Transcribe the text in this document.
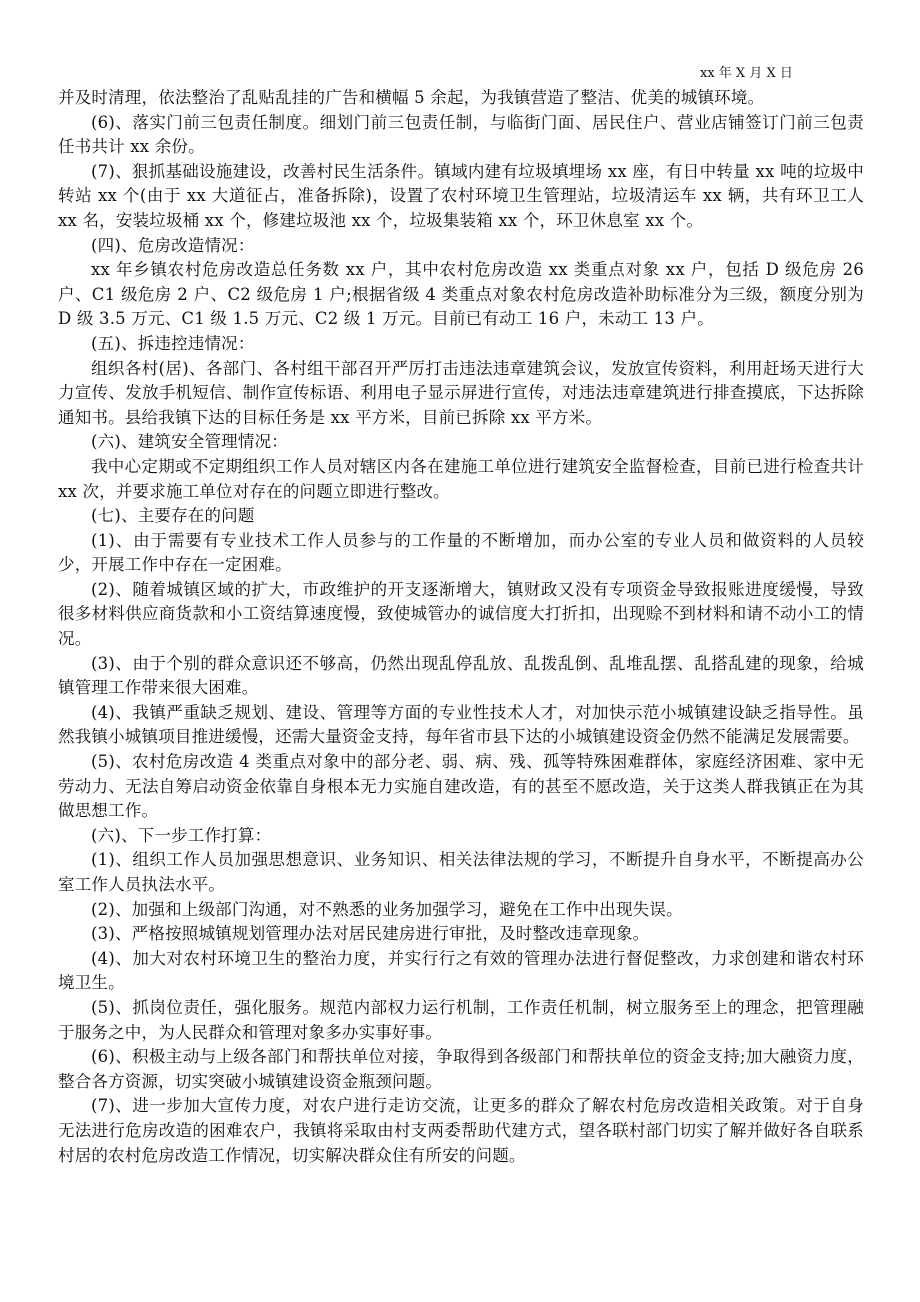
xx 年 X 月 X 日

并及时清理，依法整治了乱贴乱挂的广告和横幅 5 余起，为我镇营造了整洁、优美的城镇环境。

(6)、落实门前三包责任制度。细划门前三包责任制，与临街门面、居民住户、营业店铺签订门前三包责任书共计 xx 余份。

(7)、狠抓基础设施建设，改善村民生活条件。镇域内建有垃圾填埋场 xx 座，有日中转量 xx 吨的垃圾中转站 xx 个(由于 xx 大道征占，准备拆除)，设置了农村环境卫生管理站，垃圾清运车 xx 辆，共有环卫工人 xx 名，安装垃圾桶 xx 个，修建垃圾池 xx 个，垃圾集装箱 xx 个，环卫休息室 xx 个。

(四)、危房改造情况：

xx 年乡镇农村危房改造总任务数 xx 户，其中农村危房改造 xx 类重点对象 xx 户，包括 D 级危房 26 户、C1 级危房 2 户、C2 级危房 1 户;根据省级 4 类重点对象农村危房改造补助标准分为三级，额度分别为 D 级 3.5 万元、C1 级 1.5 万元、C2 级 1 万元。目前已有动工 16 户，未动工 13 户。

(五)、拆违控违情况：

组织各村(居)、各部门、各村组干部召开严厉打击违法违章建筑会议，发放宣传资料，利用赶场天进行大力宣传、发放手机短信、制作宣传标语、利用电子显示屏进行宣传，对违法违章建筑进行排查摸底，下达拆除通知书。县给我镇下达的目标任务是 xx 平方米，目前已拆除 xx 平方米。

(六)、建筑安全管理情况：

我中心定期或不定期组织工作人员对辖区内各在建施工单位进行建筑安全监督检查，目前已进行检查共计 xx 次，并要求施工单位对存在的问题立即进行整改。

(七)、主要存在的问题

(1)、由于需要有专业技术工作人员参与的工作量的不断增加，而办公室的专业人员和做资料的人员较少，开展工作中存在一定困难。

(2)、随着城镇区域的扩大，市政维护的开支逐渐增大，镇财政又没有专项资金导致报账进度缓慢，导致很多材料供应商货款和小工资结算速度慢，致使城管办的诚信度大打折扣，出现赊不到材料和请不动小工的情况。

(3)、由于个别的群众意识还不够高，仍然出现乱停乱放、乱拨乱倒、乱堆乱摆、乱搭乱建的现象，给城镇管理工作带来很大困难。

(4)、我镇严重缺乏规划、建设、管理等方面的专业性技术人才，对加快示范小城镇建设缺乏指导性。虽然我镇小城镇项目推进缓慢，还需大量资金支持，每年省市县下达的小城镇建设资金仍然不能满足发展需要。

(5)、农村危房改造 4 类重点对象中的部分老、弱、病、残、孤等特殊困难群体，家庭经济困难、家中无劳动力、无法自筹启动资金依靠自身根本无力实施自建改造，有的甚至不愿改造，关于这类人群我镇正在为其做思想工作。

(六)、下一步工作打算：

(1)、组织工作人员加强思想意识、业务知识、相关法律法规的学习，不断提升自身水平，不断提高办公室工作人员执法水平。

(2)、加强和上级部门沟通，对不熟悉的业务加强学习，避免在工作中出现失误。

(3)、严格按照城镇规划管理办法对居民建房进行审批，及时整改违章现象。

(4)、加大对农村环境卫生的整治力度，并实行行之有效的管理办法进行督促整改，力求创建和谐农村环境卫生。

(5)、抓岗位责任，强化服务。规范内部权力运行机制，工作责任机制，树立服务至上的理念，把管理融于服务之中，为人民群众和管理对象多办实事好事。

(6)、积极主动与上级各部门和帮扶单位对接，争取得到各级部门和帮扶单位的资金支持;加大融资力度，整合各方资源，切实突破小城镇建设资金瓶颈问题。

(7)、进一步加大宣传力度，对农户进行走访交流，让更多的群众了解农村危房改造相关政策。对于自身无法进行危房改造的困难农户，我镇将采取由村支两委帮助代建方式，望各联村部门切实了解并做好各自联系村居的农村危房改造工作情况，切实解决群众住有所安的问题。
